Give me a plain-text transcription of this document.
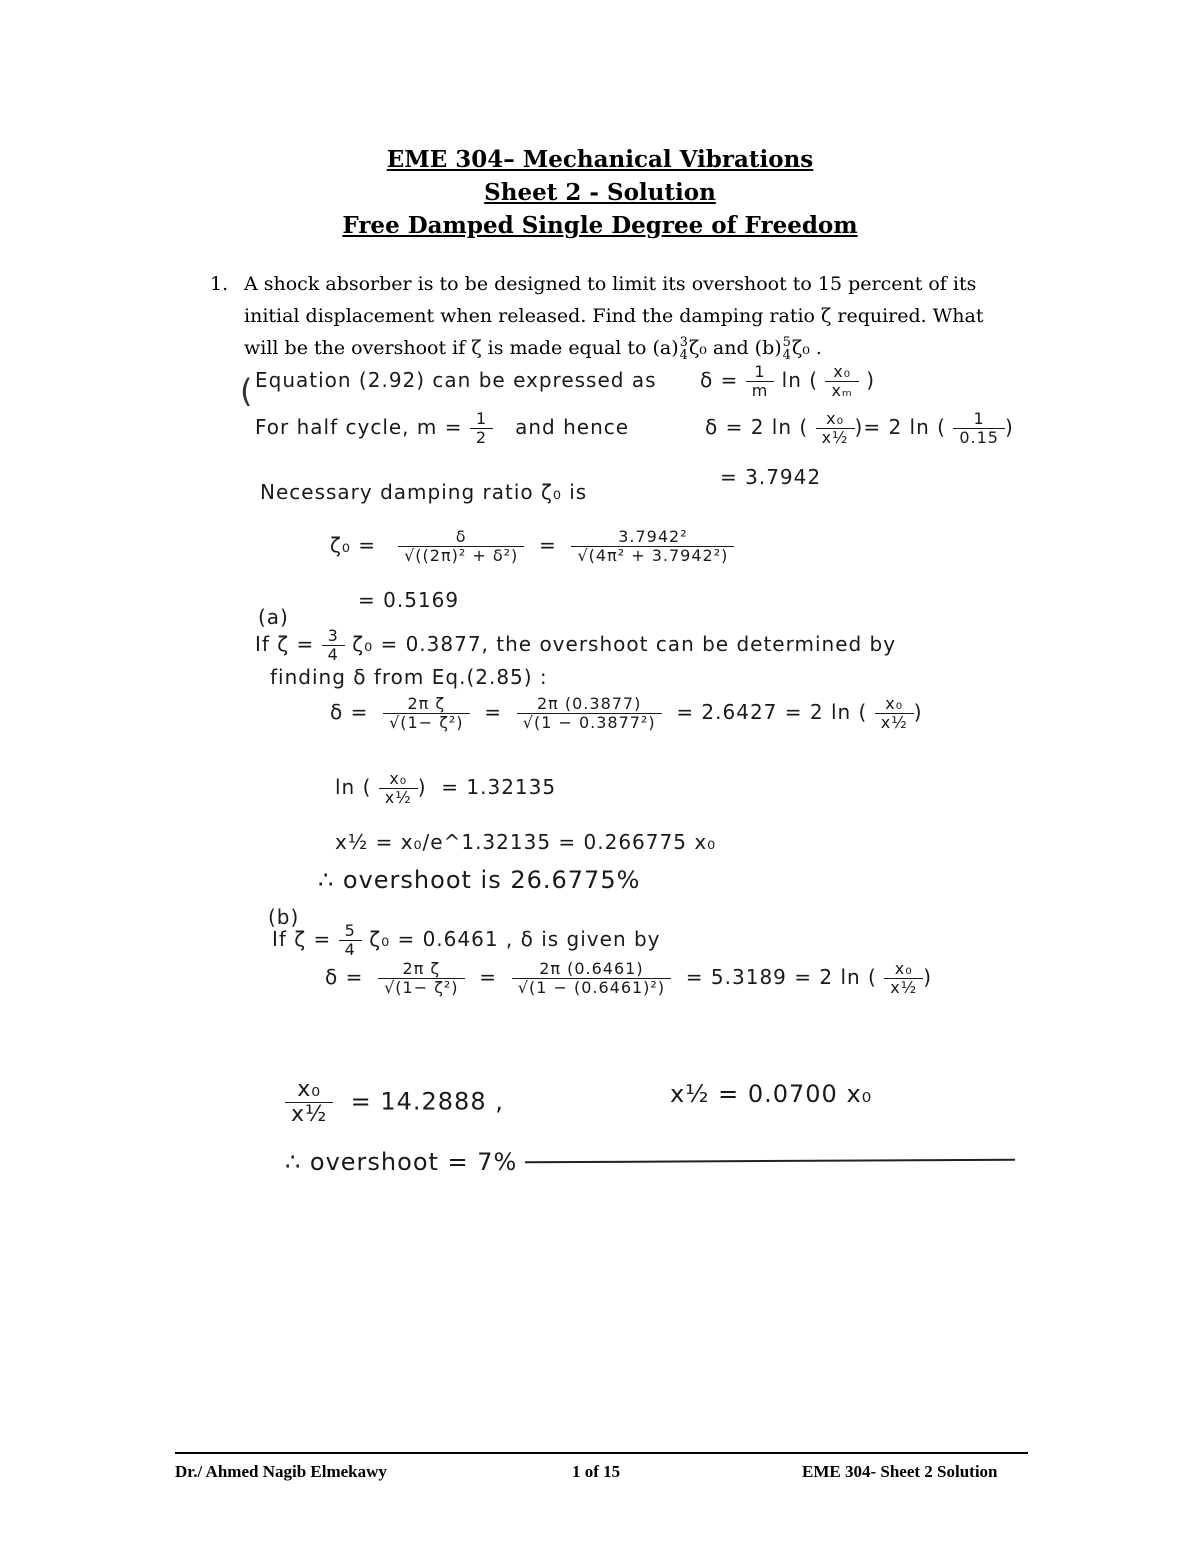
EME 304– Mechanical Vibrations
Sheet 2 - Solution
Free Damped Single Degree of Freedom
1. A shock absorber is to be designed to limit its overshoot to 15 percent of its
initial displacement when released. Find the damping ratio ζ required. What
will be the overshoot if ζ is made equal to (a) 3
4 ζ₀ and (b) 5
4 ζ₀ .
( Equation (2.92) can be expressed as $\delta = \frac{1}{m}$ ln ( $\frac{\text{x₀}}{\text{xₘ}}$ )
For half cycle, $m = \frac{1}{2}$ and hence	δ = 2 ln ( $\frac{\text{x₀}}{\text{x½}}$ )= 2 ln ( $\frac{1}{0.15}$ )
= 3.7942
Necessary damping ratio ζ₀ is
$\zeta_0 = \frac{\delta}{\text{√((2π)² + δ²)}} = \frac{\text{3.7942²}}{\text{√(4π² + 3.7942²)}}$
= 0.5169
(a)
If $\zeta = \frac{3}{4} \zeta_0 = 0.3877$, the overshoot can be determined by
finding δ from Eq.(2.85) :
$\delta = \frac{\text{2π ζ}}{\text{√(1− ζ²)}} = \frac{2\pi (0.3877)}{\text{√(1 − 0.3877²)}} = 2.6427 = 2$ ln ( $\frac{\text{x₀}}{\text{x½}}$ )
ln ( $\frac{\text{x₀}}{\text{x½}}$ )  = 1.32135
x½ = x₀/e^1.32135 = 0.266775 x₀
∴ overshoot is 26.6775%
(b)
If $\zeta = \frac{5}{4} \zeta_0 = 0.6461$ , δ is given by
$\delta = \frac{\text{2π ζ}}{\text{√(1− ζ²)}} = \frac{2\pi (0.6461)}{\text{√(1 − (0.6461)²)}} = 5.3189 = 2$ ln ( $\frac{\text{x₀}}{\text{x½}}$ )
$\frac{\text{x₀}}{\text{x½}} = 14.2888$ ,	x½ = 0.0700 x₀
∴ overshoot = 7%
Dr./ Ahmed Nagib Elmekawy	1 of 15	EME 304- Sheet 2 Solution
